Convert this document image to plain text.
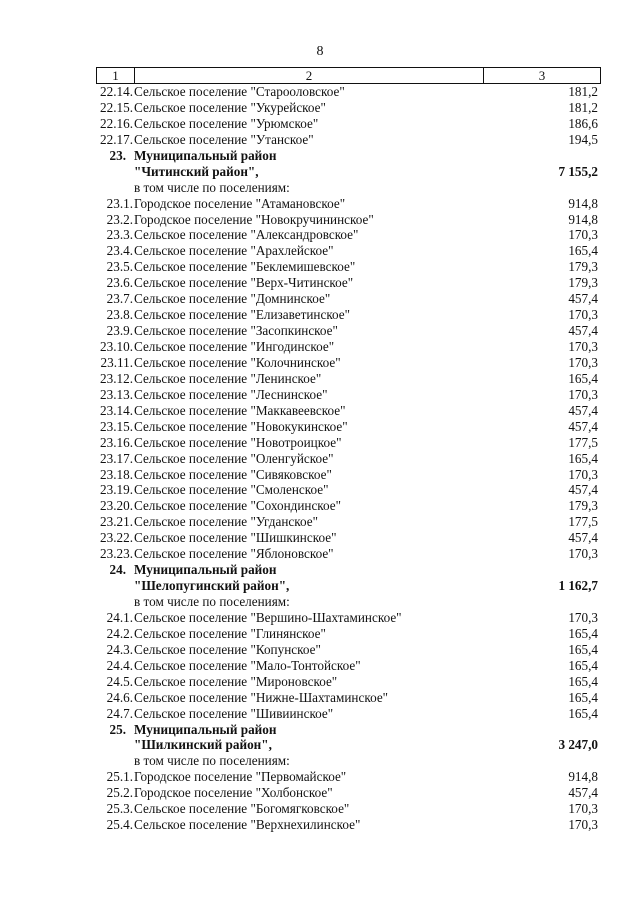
8
1	2	3
22.14. Сельское поселение "Старооловское"	181,2
22.15. Сельское поселение "Укурейское"	181,2
22.16. Сельское поселение "Урюмское"	186,6
22.17. Сельское поселение "Утанское"	194,5
23. Муниципальный район
"Читинский район",	7 155,2
в том числе по поселениям:
23.1. Городское поселение "Атамановское"	914,8
23.2. Городское поселение "Новокручининское"	914,8
23.3. Сельское поселение "Александровское"	170,3
23.4. Сельское поселение "Арахлейское"	165,4
23.5. Сельское поселение "Беклемишевское"	179,3
23.6. Сельское поселение "Верх-Читинское"	179,3
23.7. Сельское поселение "Домнинское"	457,4
23.8. Сельское поселение "Елизаветинское"	170,3
23.9. Сельское поселение "Засопкинское"	457,4
23.10. Сельское поселение "Ингодинское"	170,3
23.11. Сельское поселение "Колочнинское"	170,3
23.12. Сельское поселение "Ленинское"	165,4
23.13. Сельское поселение "Леснинское"	170,3
23.14. Сельское поселение "Маккавеевское"	457,4
23.15. Сельское поселение "Новокукинское"	457,4
23.16. Сельское поселение "Новотроицкое"	177,5
23.17. Сельское поселение "Оленгуйское"	165,4
23.18. Сельское поселение "Сивяковское"	170,3
23.19. Сельское поселение "Смоленское"	457,4
23.20. Сельское поселение "Сохондинское"	179,3
23.21. Сельское поселение "Угданское"	177,5
23.22. Сельское поселение "Шишкинское"	457,4
23.23. Сельское поселение "Яблоновское"	170,3
24. Муниципальный район
"Шелопугинский район",	1 162,7
в том числе по поселениям:
24.1. Сельское поселение "Вершино-Шахтаминское"	170,3
24.2. Сельское поселение "Глинянское"	165,4
24.3. Сельское поселение "Копунское"	165,4
24.4. Сельское поселение "Мало-Тонтойское"	165,4
24.5. Сельское поселение "Мироновское"	165,4
24.6. Сельское поселение "Нижне-Шахтаминское"	165,4
24.7. Сельское поселение "Шивиинское"	165,4
25. Муниципальный район
"Шилкинский район",	3 247,0
в том числе по поселениям:
25.1. Городское поселение "Первомайское"	914,8
25.2. Городское поселение "Холбонское"	457,4
25.3. Сельское поселение "Богомягковское"	170,3
25.4. Сельское поселение "Верхнехилинское"	170,3
